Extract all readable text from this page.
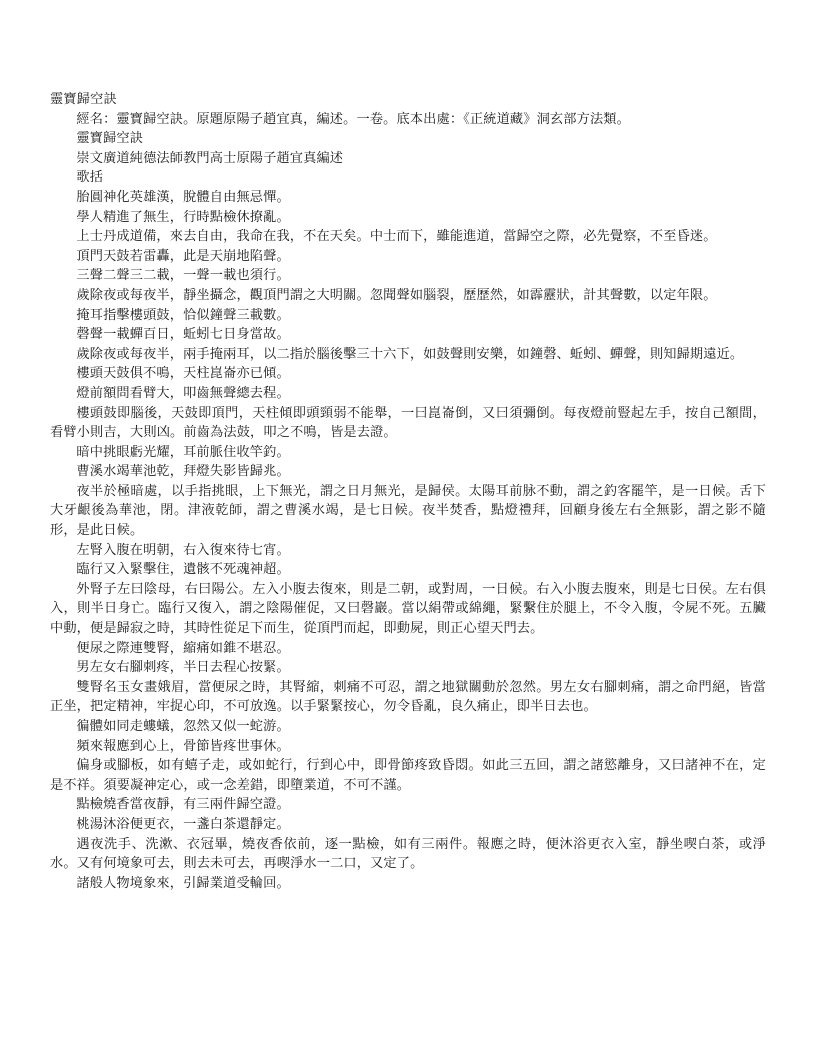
靈寶歸空訣

經名：靈寶歸空訣。原題原陽子趙宜真，編述。一卷。底本出處：《正統道藏》洞玄部方法類。

靈寶歸空訣

崇文廣道純德法師教門高士原陽子趙宜真編述

歌括

胎圓神化英雄漢，脫體自由無忌憚。

學人精進了無生，行時點檢休撩亂。

上士丹成道備，來去自由，我命在我，不在天矣。中士而下，雖能進道，當歸空之際，必先覺察，不至昏迷。

頂門天鼓若雷轟，此是天崩地陷聲。

三聲二聲三二載，一聲一載也須行。

歲除夜或每夜半，靜坐攝念，觀頂門謂之大明關。忽聞聲如腦裂，歷歷然，如霹靂狀，計其聲數，以定年限。

掩耳指擊樓頭鼓，恰似鐘聲三載數。

磬聲一載蟬百日，蚯蚓七日身當故。

歲除夜或每夜半，兩手掩兩耳，以二指於腦後擊三十六下，如鼓聲則安樂，如鐘磬、蚯蚓、蟬聲，則知歸期遠近。

樓頭天鼓俱不鳴，天柱崑崙亦已傾。

燈前額問看臂大，叩齒無聲總去程。

樓頭鼓即腦後，天鼓即頂門，天柱傾即頭頸弱不能舉，一曰崑崙倒，又曰須彌倒。每夜燈前豎起左手，按自己額間，看臂小則吉，大則凶。前齒為法鼓，叩之不鳴，皆是去證。

暗中挑眼虧光耀，耳前脈住收竿釣。

曹溪水竭華池乾，拜燈失影皆歸兆。

夜半於極暗處，以手指挑眼，上下無光，謂之日月無光，是歸侯。太陽耳前脉不動，謂之釣客罷竿，是一日候。舌下大牙齦後為華池，閉。津液乾師，謂之曹溪水竭，是七日候。夜半焚香，點燈禮拜，回顧身後左右全無影，謂之影不隨形，是此日候。

左腎入腹在明朝，右入復來待七宵。

臨行又入緊擊住，遺骸不死魂神超。

外腎子左曰陰母，右曰陽公。左入小腹去復來，則是二朝，或對周，一日候。右入小腹去腹來，則是七日侯。左右俱入，則半日身亡。臨行又復入，謂之陰陽催促，又曰磬巖。當以絹帶或綿繩，緊繫住於腿上，不令入腹，令屍不死。五臟中動，便是歸寂之時，其時性從足下而生，從頂門而起，即動屍，則正心望天門去。

便尿之際連雙腎，縮痛如錐不堪忍。

男左女右腳刺疼，半日去程心按緊。

雙腎名玉女畫娥眉，當便尿之時，其腎縮，刺痛不可忍，謂之地獄關動於忽然。男左女右腳刺痛，謂之命門絕，皆當正坐，把定精神，牢捉心印，不可放逸。以手緊緊按心，勿令昏亂，良久痛止，即半日去也。

徧體如同走螻蟻，忽然又似一蛇游。

頻來報應到心上，骨節皆疼世事休。

偏身或腳板，如有蟢子走，或如蛇行，行到心中，即骨節疼致昏悶。如此三五回，謂之諸慾離身，又曰諸神不在，定是不祥。須要凝神定心，或一念差錯，即墮業道，不可不謹。

點檢燒香當夜靜，有三兩件歸空證。

桃湯沐浴便更衣，一盞白茶還靜定。

遇夜洗手、洗漱、衣冠畢，燒夜香依前，逐一點檢，如有三兩件。報應之時，便沐浴更衣入室，靜坐喫白茶，或淨水。又有何境象可去，則去未可去，再喫淨水一二口，又定了。

諸般人物境象來，引歸業道受輪回。
